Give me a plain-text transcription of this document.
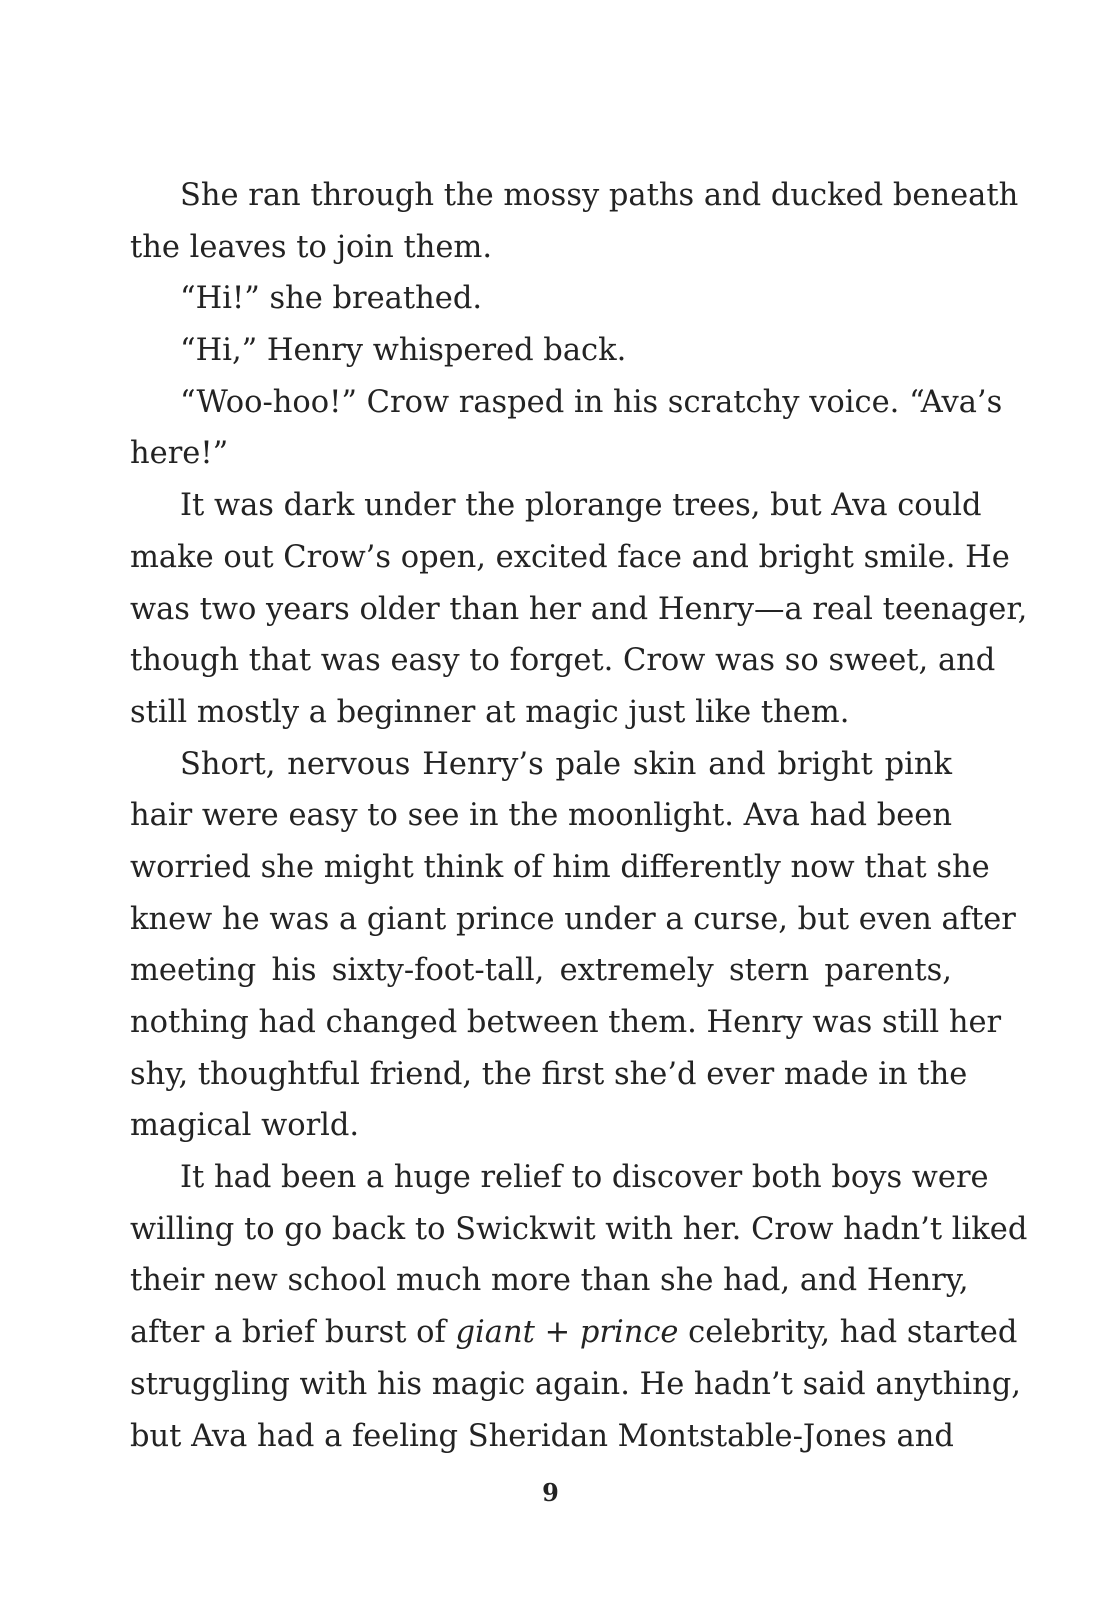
She ran through the mossy paths and ducked beneath
the leaves to join them.
“Hi!” she breathed.
“Hi,” Henry whispered back.
“Woo-hoo!” Crow rasped in his scratchy voice. “Ava’s
here!”
It was dark under the plorange trees, but Ava could
make out Crow’s open, excited face and bright smile. He
was two years older than her and Henry—a real teenager,
though that was easy to forget. Crow was so sweet, and
still mostly a beginner at magic just like them.
Short, nervous Henry’s pale skin and bright pink
hair were easy to see in the moonlight. Ava had been
worried she might think of him differently now that she
knew he was a giant prince under a curse, but even after
meeting his sixty-foot-tall, extremely stern parents,
nothing had changed between them. Henry was still her
shy, thoughtful friend, the first she’d ever made in the
magical world.
It had been a huge relief to discover both boys were
willing to go back to Swickwit with her. Crow hadn’t liked
their new school much more than she had, and Henry,
after a brief burst of giant + prince celebrity, had started
struggling with his magic again. He hadn’t said anything,
but Ava had a feeling Sheridan Montstable-Jones and
9
